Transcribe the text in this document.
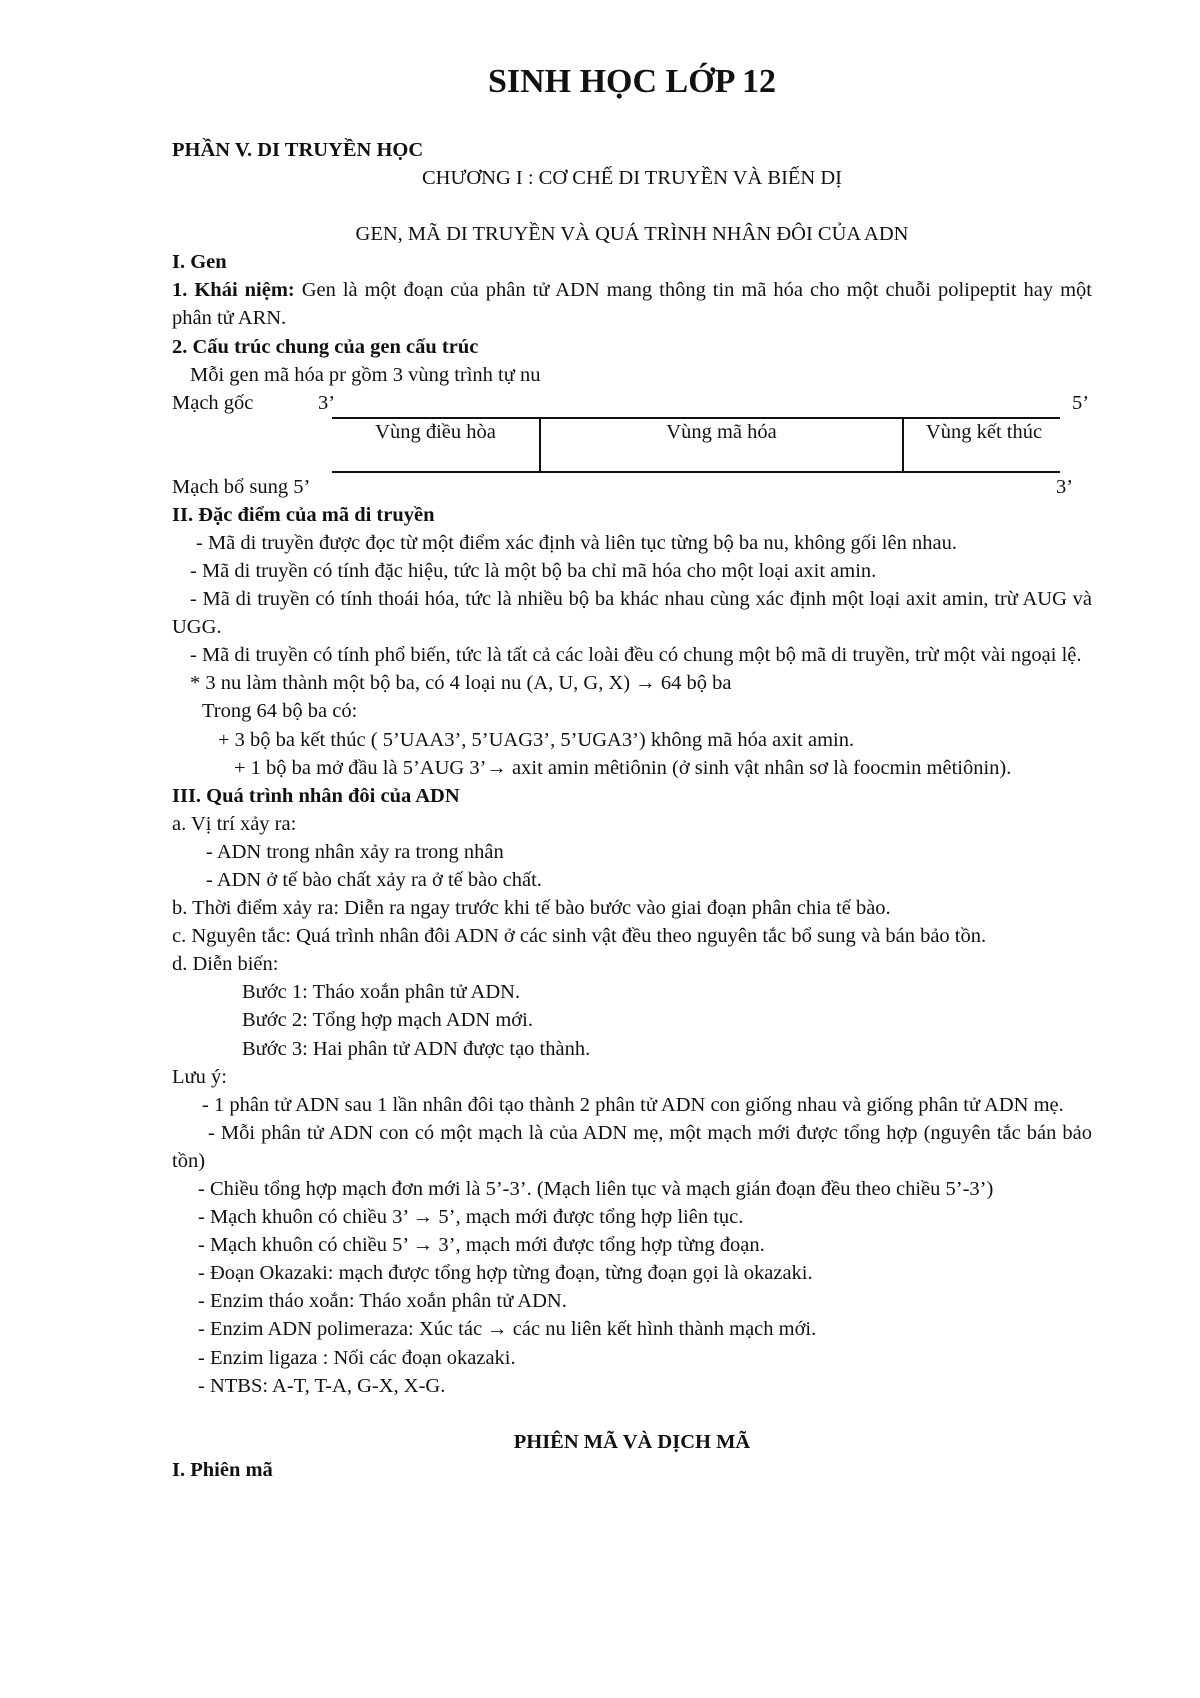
SINH HỌC LỚP 12

PHẦN V. DI TRUYỀN HỌC

CHƯƠNG I : CƠ CHẾ DI TRUYỀN VÀ BIẾN DỊ

GEN, MÃ DI TRUYỀN VÀ QUÁ TRÌNH NHÂN ĐÔI CỦA ADN

I. Gen

1. Khái niệm: Gen là một đoạn của phân tử ADN mang thông tin mã hóa cho một chuỗi polipeptit hay một phân tử ARN.

2. Cấu trúc chung của gen cấu trúc

Mỗi gen mã hóa pr gồm 3 vùng trình tự nu

Mạch gốc	3’	5’
Vùng điều hòa	Vùng mã hóa	Vùng kết thúc
Mạch bổ sung 5’	3’

II. Đặc điểm của mã di truyền

- Mã di truyền được đọc từ một điểm xác định và liên tục từng bộ ba nu, không gối lên nhau.

- Mã di truyền có tính đặc hiệu, tức là một bộ ba chỉ mã hóa cho một loại axit amin.

- Mã di truyền có tính thoái hóa, tức là nhiều bộ ba khác nhau cùng xác định một loại axit amin, trừ AUG và UGG.

- Mã di truyền có tính phổ biến, tức là tất cả các loài đều có chung một bộ mã di truyền, trừ một vài ngoại lệ.

* 3 nu làm thành một bộ ba, có 4 loại nu (A, U, G, X) → 64 bộ ba

Trong 64 bộ ba có:

+ 3 bộ ba kết thúc ( 5’UAA3’, 5’UAG3’, 5’UGA3’) không mã hóa axit amin.

+ 1 bộ ba mở đầu là 5’AUG 3’→ axit amin mêtiônin (ở sinh vật nhân sơ là foocmin mêtiônin).

III. Quá trình nhân đôi của ADN

a. Vị trí xảy ra:

- ADN trong nhân xảy ra trong nhân

- ADN ở tế bào chất xảy ra ở tế bào chất.

b. Thời điểm xảy ra: Diễn ra ngay trước khi tế bào bước vào giai đoạn phân chia tế bào.

c. Nguyên tắc: Quá trình nhân đôi ADN ở các sinh vật đều theo nguyên tắc bổ sung và bán bảo tồn.

d. Diễn biến:

Bước 1: Tháo xoắn phân tử ADN.

Bước 2: Tổng hợp mạch ADN mới.

Bước 3: Hai phân tử ADN được tạo thành.

Lưu ý:

- 1 phân tử ADN sau 1 lần nhân đôi tạo thành 2 phân tử ADN con giống nhau và giống phân tử ADN mẹ.

- Mỗi phân tử ADN con có một mạch là của ADN mẹ, một mạch mới được tổng hợp (nguyên tắc bán bảo tồn)

- Chiều tổng hợp mạch đơn mới là 5’-3’. (Mạch liên tục và mạch gián đoạn đều theo chiều 5’-3’)

- Mạch khuôn có chiều 3’ → 5’, mạch mới được tổng hợp liên tục.

- Mạch khuôn có chiều 5’ → 3’, mạch mới được tổng hợp từng đoạn.

- Đoạn Okazaki: mạch được tổng hợp từng đoạn, từng đoạn gọi là okazaki.

- Enzim tháo xoắn: Tháo xoắn phân tử ADN.

- Enzim ADN polimeraza: Xúc tác → các nu liên kết hình thành mạch mới.

- Enzim ligaza : Nối các đoạn okazaki.

- NTBS: A-T, T-A, G-X, X-G.

PHIÊN MÃ VÀ DỊCH MÃ

I. Phiên mã
